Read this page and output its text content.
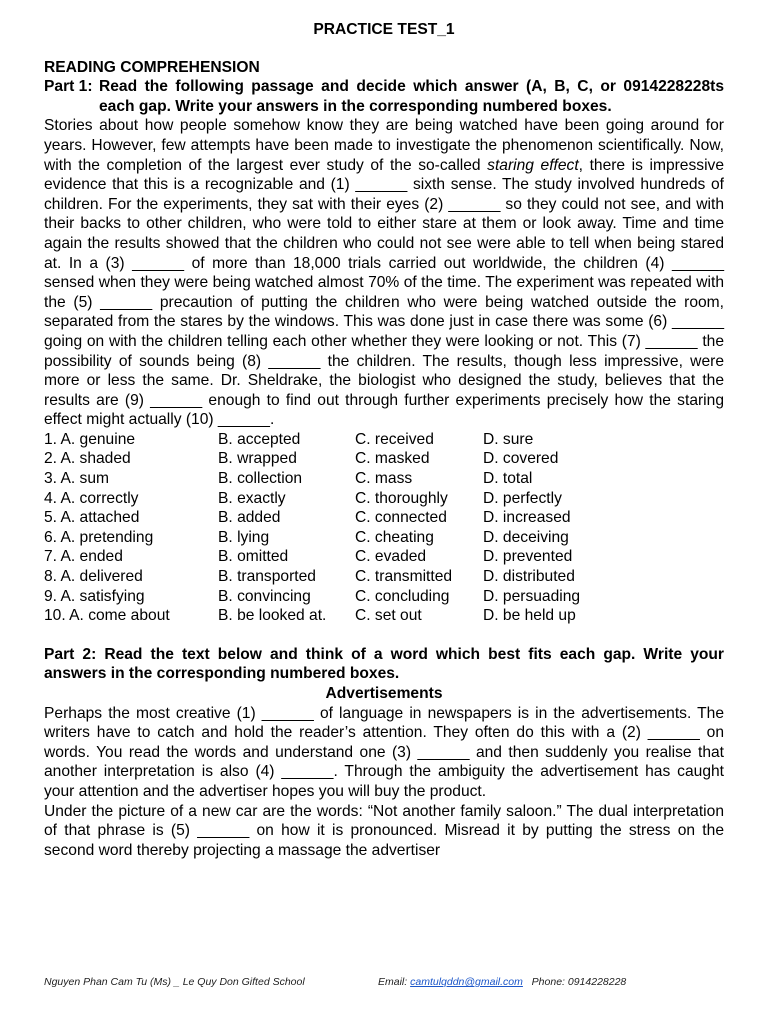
PRACTICE TEST_1
READING COMPREHENSION
Part 1: Read the following passage and decide which answer (A, B, C, or 0914228228ts each gap. Write your answers in the corresponding numbered boxes.

Stories about how people somehow know they are being watched have been going around for years. However, few attempts have been made to investigate the phenomenon scientifically. Now, with the completion of the largest ever study of the so-called staring effect, there is impressive evidence that this is a recognizable and (1) ______ sixth sense. The study involved hundreds of children. For the experiments, they sat with their eyes (2) ______ so they could not see, and with their backs to other children, who were told to either stare at them or look away. Time and time again the results showed that the children who could not see were able to tell when being stared at. In a (3) ______ of more than 18,000 trials carried out worldwide, the children (4) ______ sensed when they were being watched almost 70% of the time. The experiment was repeated with the (5) ______ precaution of putting the children who were being watched outside the room, separated from the stares by the windows. This was done just in case there was some (6) ______ going on with the children telling each other whether they were looking or not. This (7) ______ the possibility of sounds being (8) ______ the children. The results, though less impressive, were more or less the same. Dr. Sheldrake, the biologist who designed the study, believes that the results are (9) ______ enough to find out through further experiments precisely how the staring effect might actually (10) ______.

1. A. genuine	B. accepted	C. received	D. sure
2. A. shaded	B. wrapped	C. masked	D. covered
3. A. sum	B. collection	C. mass	D. total
4. A. correctly	B. exactly	C. thoroughly	D. perfectly
5. A. attached	B. added	C. connected	D. increased
6. A. pretending	B. lying	C. cheating	D. deceiving
7. A. ended	B. omitted	C. evaded	D. prevented
8. A. delivered	B. transported	C. transmitted	D. distributed
9. A. satisfying	B. convincing	C. concluding	D. persuading
10. A. come about	B. be looked at.	C. set out	D. be held up

Part 2: Read the text below and think of a word which best fits each gap. Write your answers in the corresponding numbered boxes.

Advertisements

Perhaps the most creative (1) ______ of language in newspapers is in the advertisements. The writers have to catch and hold the reader’s attention. They often do this with a (2) ______ on words. You read the words and understand one (3) ______ and then suddenly you realise that another interpretation is also (4) ______. Through the ambiguity the advertisement has caught your attention and the advertiser hopes you will buy the product.

Under the picture of a new car are the words: “Not another family saloon.” The dual interpretation of that phrase is (5) ______ on how it is pronounced. Misread it by putting the stress on the second word thereby projecting a massage the advertiser

Nguyen Phan Cam Tu (Ms) _ Le Quy Don Gifted School	Email: camtulqddn@gmail.com Phone: 0914228228
